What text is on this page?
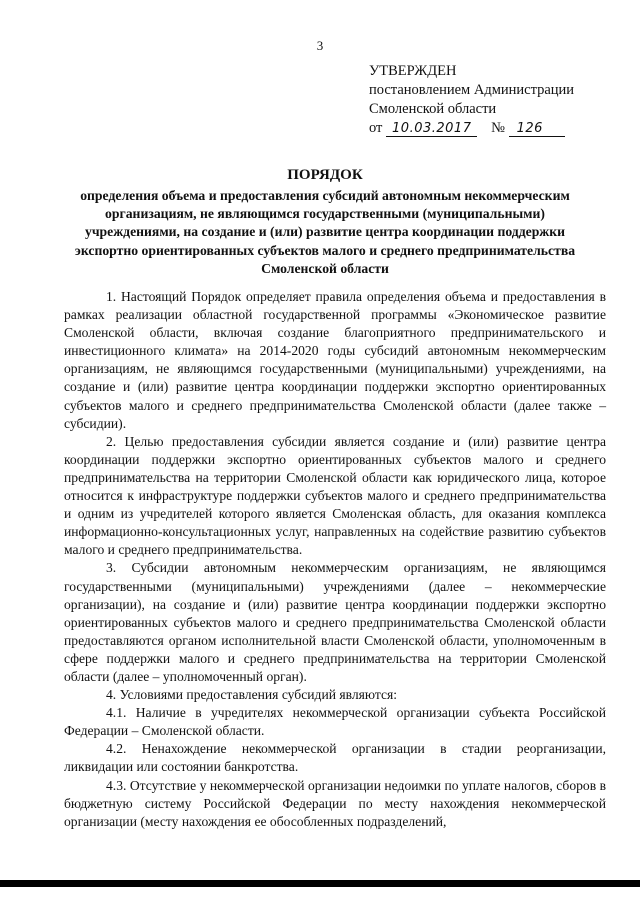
3
УТВЕРЖДЕН
постановлением Администрации
Смоленской области
от 10.03.2017 № 126
ПОРЯДОК
определения объема и предоставления субсидий автономным некоммерческим организациям, не являющимся государственными (муниципальными) учреждениями, на создание и (или) развитие центра координации поддержки экспортно ориентированных субъектов малого и среднего предпринимательства Смоленской области

1. Настоящий Порядок определяет правила определения объема и предоставления в рамках реализации областной государственной программы «Экономическое развитие Смоленской области, включая создание благоприятного предпринимательского и инвестиционного климата» на 2014-2020 годы субсидий автономным некоммерческим организациям, не являющимся государственными (муниципальными) учреждениями, на создание и (или) развитие центра координации поддержки экспортно ориентированных субъектов малого и среднего предпринимательства Смоленской области (далее также – субсидии).

2. Целью предоставления субсидии является создание и (или) развитие центра координации поддержки экспортно ориентированных субъектов малого и среднего предпринимательства на территории Смоленской области как юридического лица, которое относится к инфраструктуре поддержки субъектов малого и среднего предпринимательства и одним из учредителей которого является Смоленская область, для оказания комплекса информационно-консультационных услуг, направленных на содействие развитию субъектов малого и среднего предпринимательства.

3. Субсидии автономным некоммерческим организациям, не являющимся государственными (муниципальными) учреждениями (далее – некоммерческие организации), на создание и (или) развитие центра координации поддержки экспортно ориентированных субъектов малого и среднего предпринимательства Смоленской области предоставляются органом исполнительной власти Смоленской области, уполномоченным в сфере поддержки малого и среднего предпринимательства на территории Смоленской области (далее – уполномоченный орган).

4. Условиями предоставления субсидий являются:

4.1. Наличие в учредителях некоммерческой организации субъекта Российской Федерации – Смоленской области.

4.2. Ненахождение некоммерческой организации в стадии реорганизации, ликвидации или состоянии банкротства.

4.3. Отсутствие у некоммерческой организации недоимки по уплате налогов, сборов в бюджетную систему Российской Федерации по месту нахождения некоммерческой организации (месту нахождения ее обособленных подразделений,
